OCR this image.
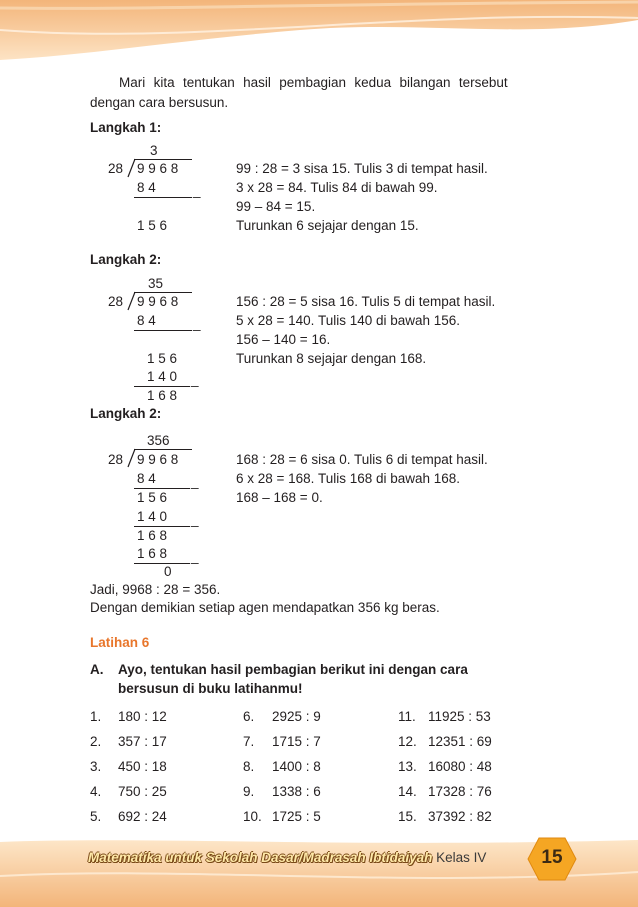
Mari kita tentukan hasil pembagian kedua bilangan tersebut
dengan cara bersusun.
Langkah 1:
3
28 9 9 6 8
8 4	_
1 5 6
99 : 28 = 3 sisa 15. Tulis 3 di tempat hasil.
3 x 28 = 84. Tulis 84 di bawah 99.
99 – 84 = 15.
Turunkan 6 sejajar dengan 15.
Langkah 2:
35
28 9 9 6 8
8 4	_
1 5 6
1 4 0 _
1 6 8
156 : 28 = 5 sisa 16. Tulis 5 di tempat hasil.
5 x 28 = 140. Tulis 140 di bawah 156.
156 – 140 = 16.
Turunkan 8 sejajar dengan 168.
Langkah 2:
356
28 9 9 6 8
8 4	_
1 5 6
1 4 0 _
1 6 8
1 6 8 _
0
168 : 28 = 6 sisa 0. Tulis 6 di tempat hasil.
6 x 28 = 168. Tulis 168 di bawah 168.
168 – 168 = 0.
Jadi, 9968 : 28 = 356.
Dengan demikian setiap agen mendapatkan 356 kg beras.
Latihan 6
A. Ayo, tentukan hasil pembagian berikut ini dengan cara
bersusun di buku latihanmu!
1. 180 : 12
2. 357 : 17
3. 450 : 18
4. 750 : 25
5. 692 : 24
6. 2925 : 9
7. 1715 : 7
8. 1400 : 8
9. 1338 : 6
10. 1725 : 5
11. 11925 : 53
12. 12351 : 69
13. 16080 : 48
14. 17328 : 76
15. 37392 : 82
Matematika untuk Sekolah Dasar/Madrasah Ibtidaiyah Kelas IV	15
